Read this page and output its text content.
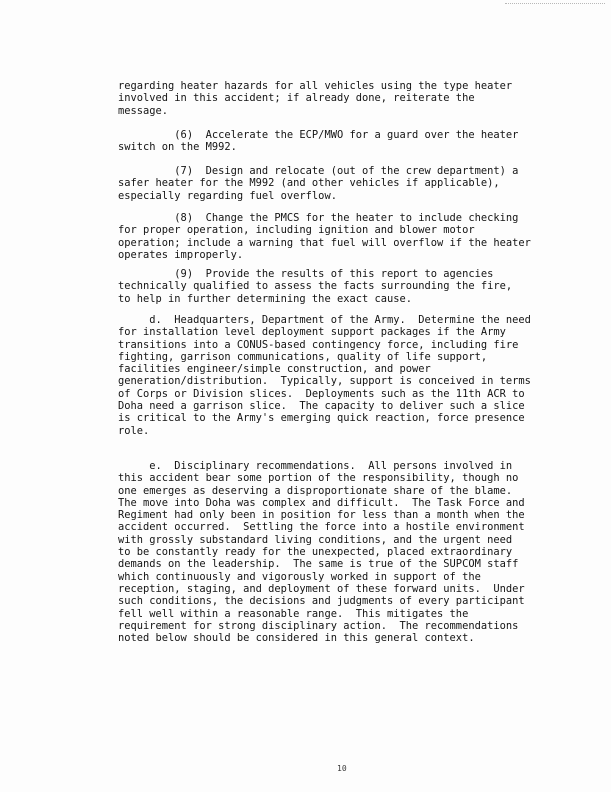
regarding heater hazards for all vehicles using the type heater
involved in this accident; if already done, reiterate the
message.
(6)  Accelerate the ECP/MWO for a guard over the heater
switch on the M992.
(7)  Design and relocate (out of the crew department) a
safer heater for the M992 (and other vehicles if applicable),
especially regarding fuel overflow.
(8)  Change the PMCS for the heater to include checking
for proper operation, including ignition and blower motor
operation; include a warning that fuel will overflow if the heater
operates improperly.
(9)  Provide the results of this report to agencies
technically qualified to assess the facts surrounding the fire,
to help in further determining the exact cause.
d.  Headquarters, Department of the Army.  Determine the need
for installation level deployment support packages if the Army
transitions into a CONUS-based contingency force, including fire
fighting, garrison communications, quality of life support,
facilities engineer/simple construction, and power
generation/distribution.  Typically, support is conceived in terms
of Corps or Division slices.  Deployments such as the 11th ACR to
Doha need a garrison slice.  The capacity to deliver such a slice
is critical to the Army's emerging quick reaction, force presence
role.
e.  Disciplinary recommendations.  All persons involved in
this accident bear some portion of the responsibility, though no
one emerges as deserving a disproportionate share of the blame.
The move into Doha was complex and difficult.  The Task Force and
Regiment had only been in position for less than a month when the
accident occurred.  Settling the force into a hostile environment
with grossly substandard living conditions, and the urgent need
to be constantly ready for the unexpected, placed extraordinary
demands on the leadership.  The same is true of the SUPCOM staff
which continuously and vigorously worked in support of the
reception, staging, and deployment of these forward units.  Under
such conditions, the decisions and judgments of every participant
fell well within a reasonable range.  This mitigates the
requirement for strong disciplinary action.  The recommendations
noted below should be considered in this general context.
10
